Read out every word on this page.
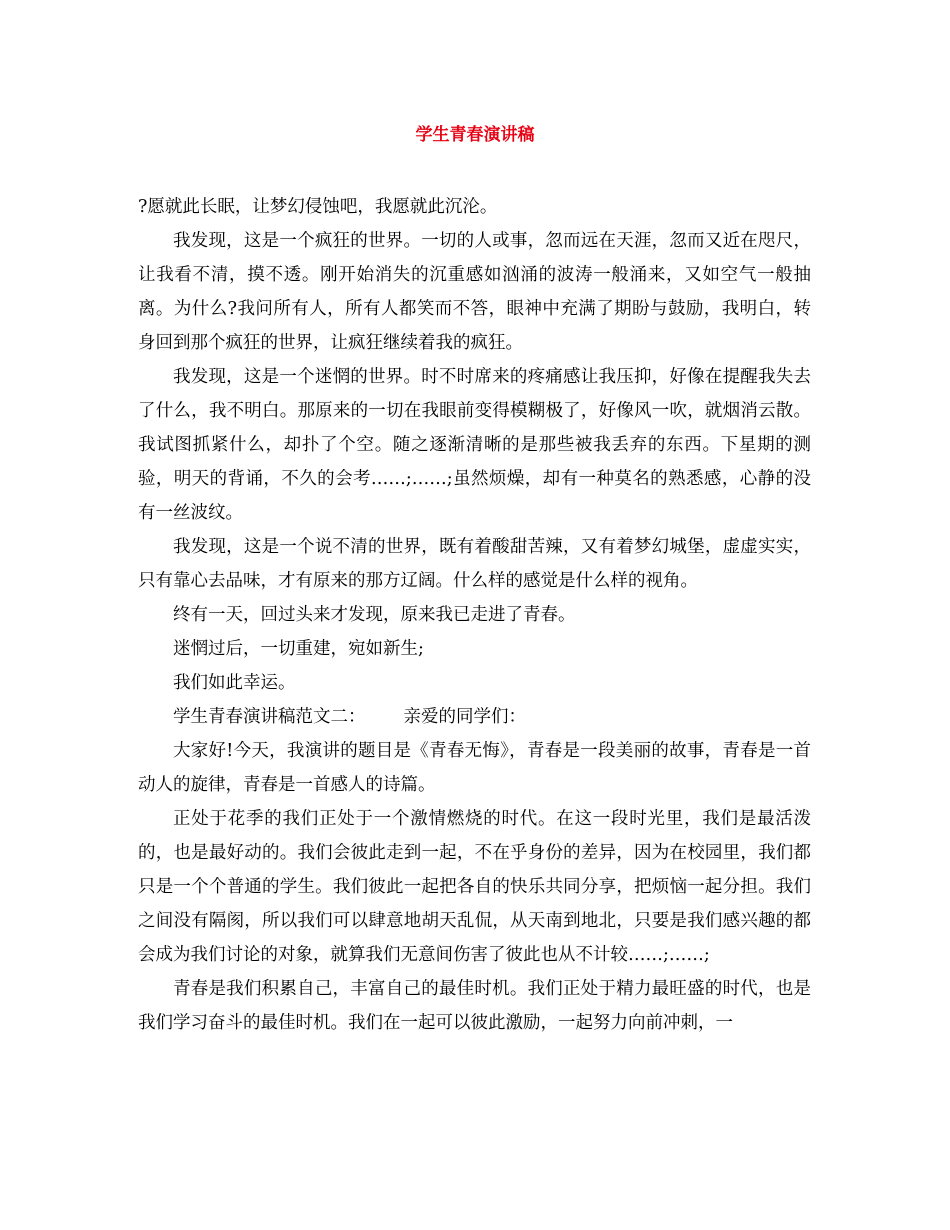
学生青春演讲稿

?愿就此长眠，让梦幻侵蚀吧，我愿就此沉沦。

我发现，这是一个疯狂的世界。一切的人或事，忽而远在天涯，忽而又近在咫尺，让我看不清，摸不透。刚开始消失的沉重感如汹涌的波涛一般涌来，又如空气一般抽离。为什么?我问所有人，所有人都笑而不答，眼神中充满了期盼与鼓励，我明白，转身回到那个疯狂的世界，让疯狂继续着我的疯狂。

我发现，这是一个迷惘的世界。时不时席来的疼痛感让我压抑，好像在提醒我失去了什么，我不明白。那原来的一切在我眼前变得模糊极了，好像风一吹，就烟消云散。我试图抓紧什么，却扑了个空。随之逐渐清晰的是那些被我丢弃的东西。下星期的测验，明天的背诵，不久的会考……;……;虽然烦燥，却有一种莫名的熟悉感，心静的没有一丝波纹。

我发现，这是一个说不清的世界，既有着酸甜苦辣，又有着梦幻城堡，虚虚实实，只有靠心去品味，才有原来的那方辽阔。什么样的感觉是什么样的视角。

终有一天，回过头来才发现，原来我已走进了青春。

迷惘过后，一切重建，宛如新生;

我们如此幸运。

学生青春演讲稿范文二： 亲爱的同学们：

大家好!今天，我演讲的题目是《青春无悔》，青春是一段美丽的故事，青春是一首动人的旋律，青春是一首感人的诗篇。

正处于花季的我们正处于一个激情燃烧的时代。在这一段时光里，我们是最活泼的，也是最好动的。我们会彼此走到一起，不在乎身份的差异，因为在校园里，我们都只是一个个普通的学生。我们彼此一起把各自的快乐共同分享，把烦恼一起分担。我们之间没有隔阂，所以我们可以肆意地胡天乱侃，从天南到地北，只要是我们感兴趣的都会成为我们讨论的对象，就算我们无意间伤害了彼此也从不计较……;……;

青春是我们积累自己，丰富自己的最佳时机。我们正处于精力最旺盛的时代，也是我们学习奋斗的最佳时机。我们在一起可以彼此激励，一起努力向前冲刺，一
